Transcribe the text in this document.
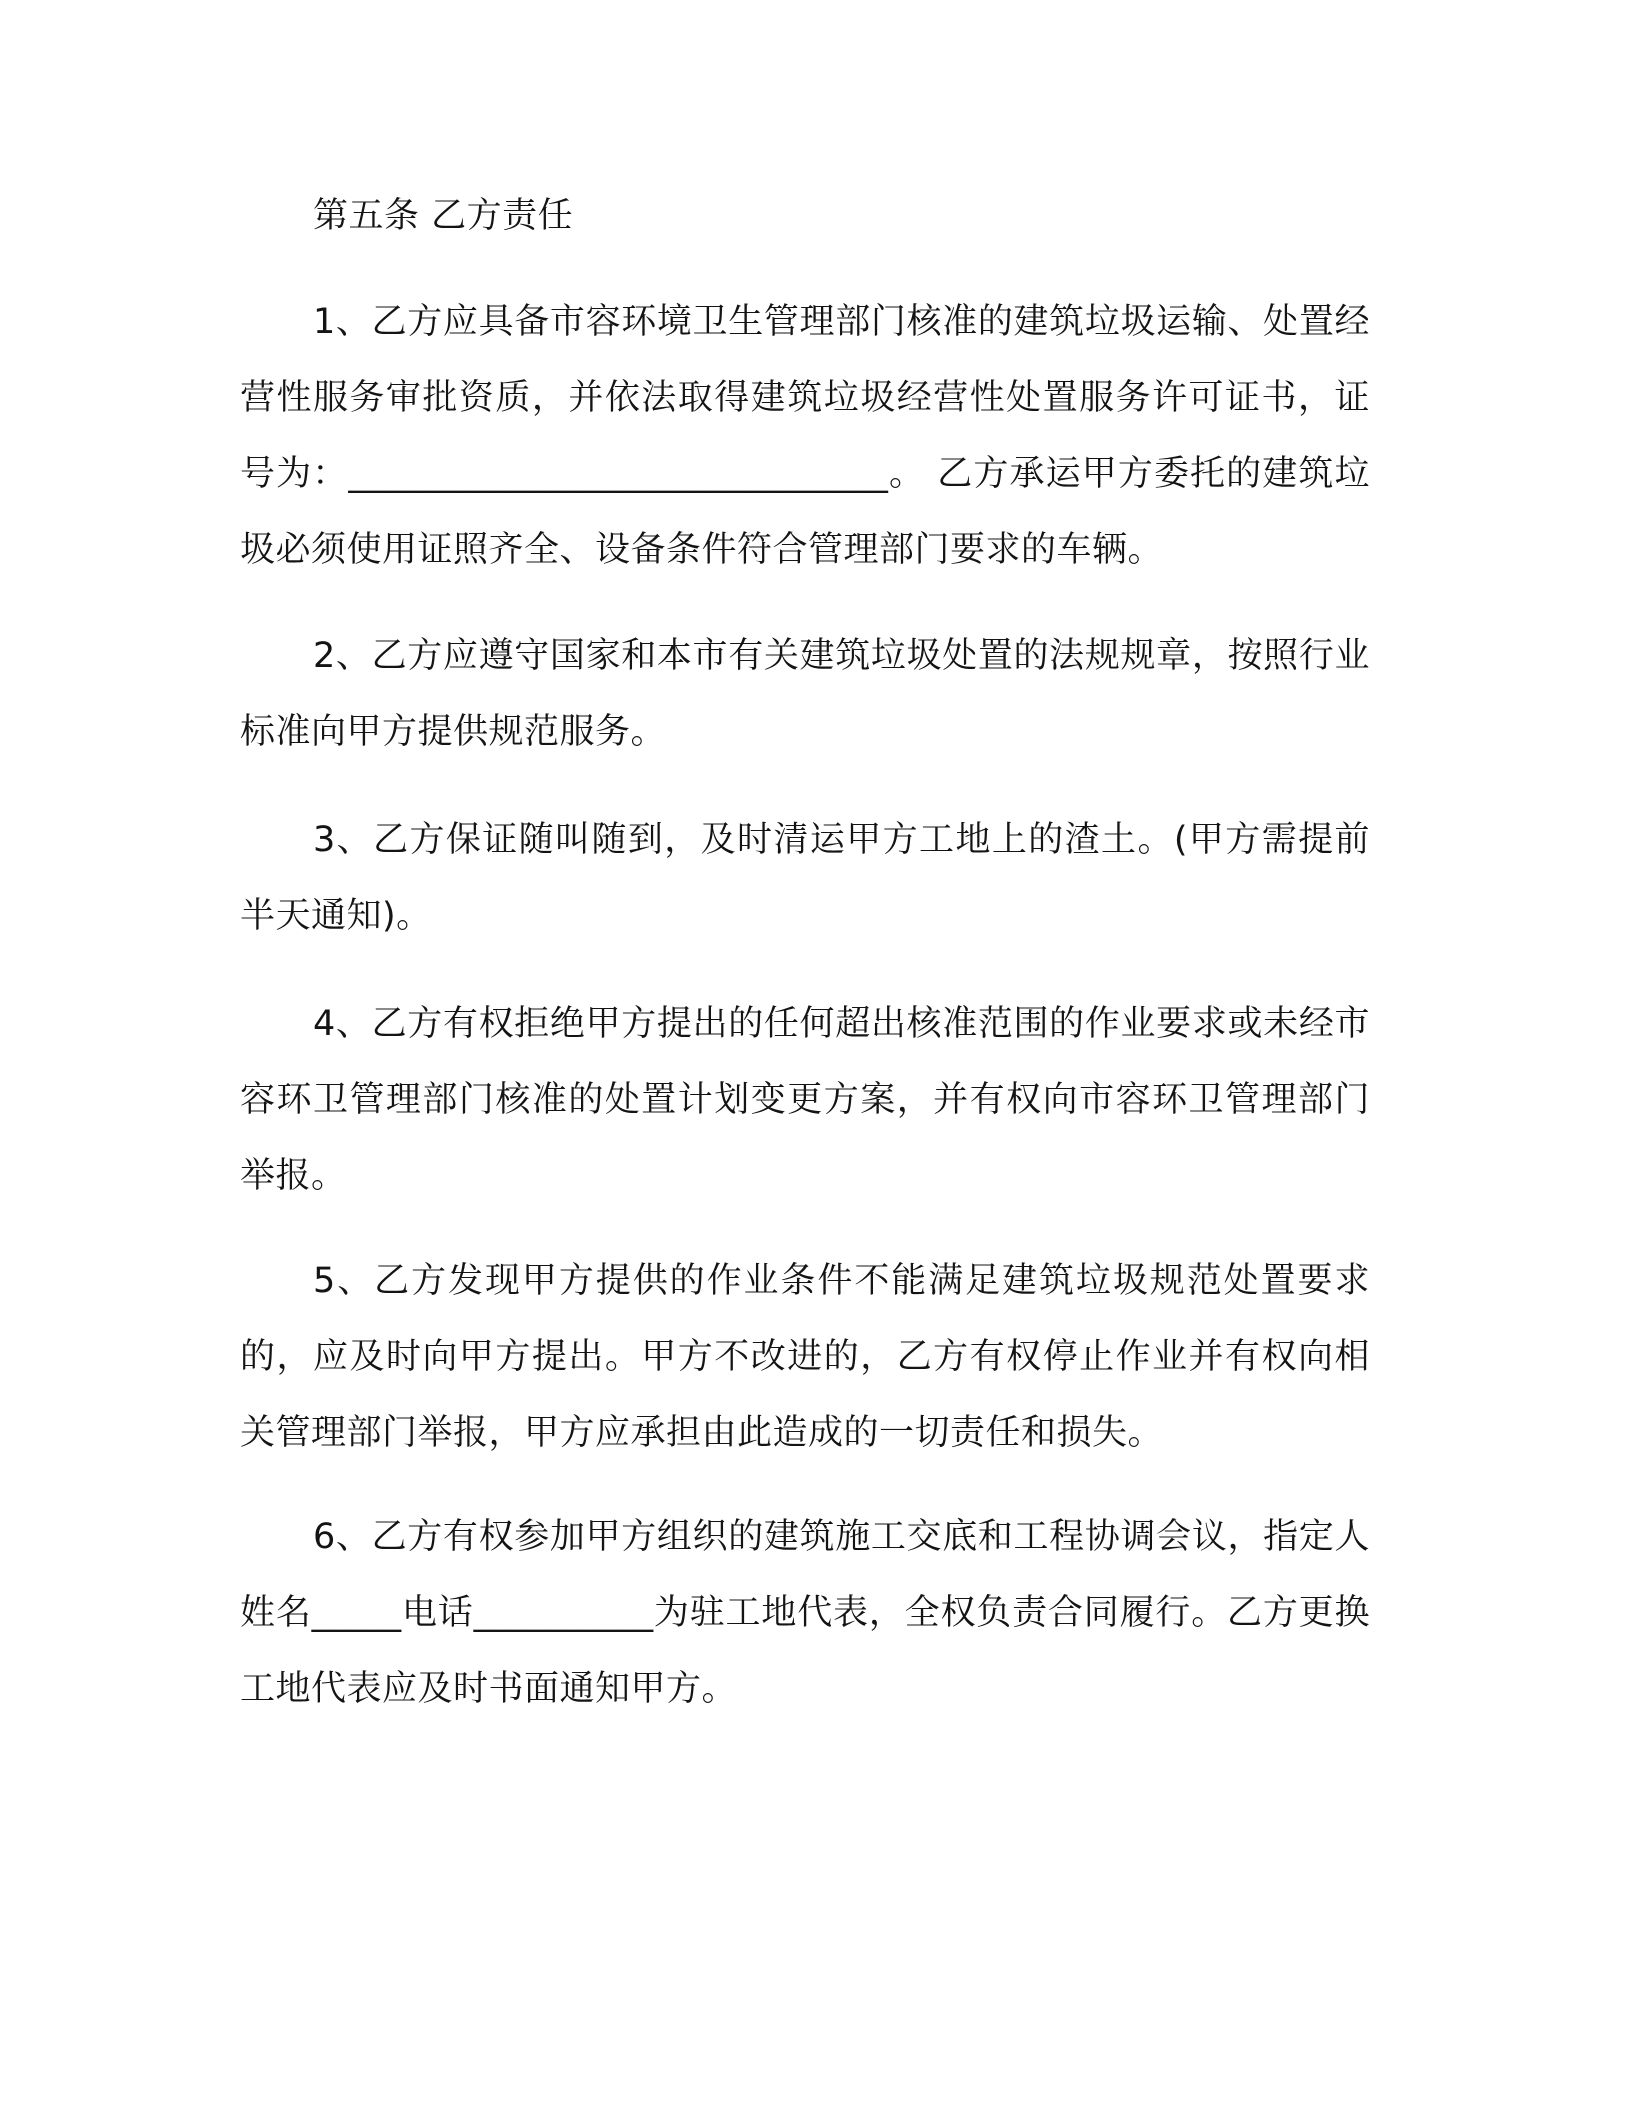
第五条 乙方责任

1、乙方应具备市容环境卫生管理部门核准的建筑垃圾运输、处置经营性服务审批资质，并依法取得建筑垃圾经营性处置服务许可证书，证号为：______________________________。 乙方承运甲方委托的建筑垃圾必须使用证照齐全、设备条件符合管理部门要求的车辆。

2、乙方应遵守国家和本市有关建筑垃圾处置的法规规章，按照行业标准向甲方提供规范服务。

3、乙方保证随叫随到，及时清运甲方工地上的渣土。(甲方需提前半天通知)。

4、乙方有权拒绝甲方提出的任何超出核准范围的作业要求或未经市容环卫管理部门核准的处置计划变更方案，并有权向市容环卫管理部门举报。

5、乙方发现甲方提供的作业条件不能满足建筑垃圾规范处置要求的，应及时向甲方提出。甲方不改进的，乙方有权停止作业并有权向相关管理部门举报，甲方应承担由此造成的一切责任和损失。

6、乙方有权参加甲方组织的建筑施工交底和工程协调会议，指定人姓名_____电话__________为驻工地代表，全权负责合同履行。乙方更换工地代表应及时书面通知甲方。
